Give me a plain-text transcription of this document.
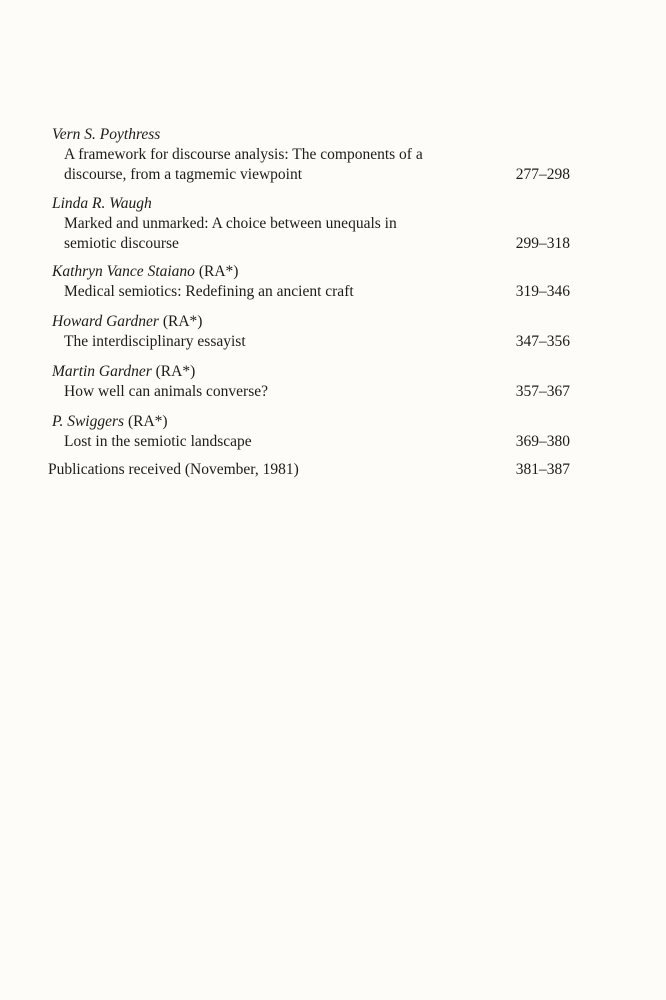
Vern S. Poythress
A framework for discourse analysis: The components of a
discourse, from a tagmemic viewpoint	277–298
Linda R. Waugh
Marked and unmarked: A choice between unequals in
semiotic discourse	299–318
Kathryn Vance Staiano (RA*)
Medical semiotics: Redefining an ancient craft	319–346
Howard Gardner (RA*)
The interdisciplinary essayist	347–356
Martin Gardner (RA*)
How well can animals converse?	357–367
P. Swiggers (RA*)
Lost in the semiotic landscape	369–380
Publications received (November, 1981)	381–387
